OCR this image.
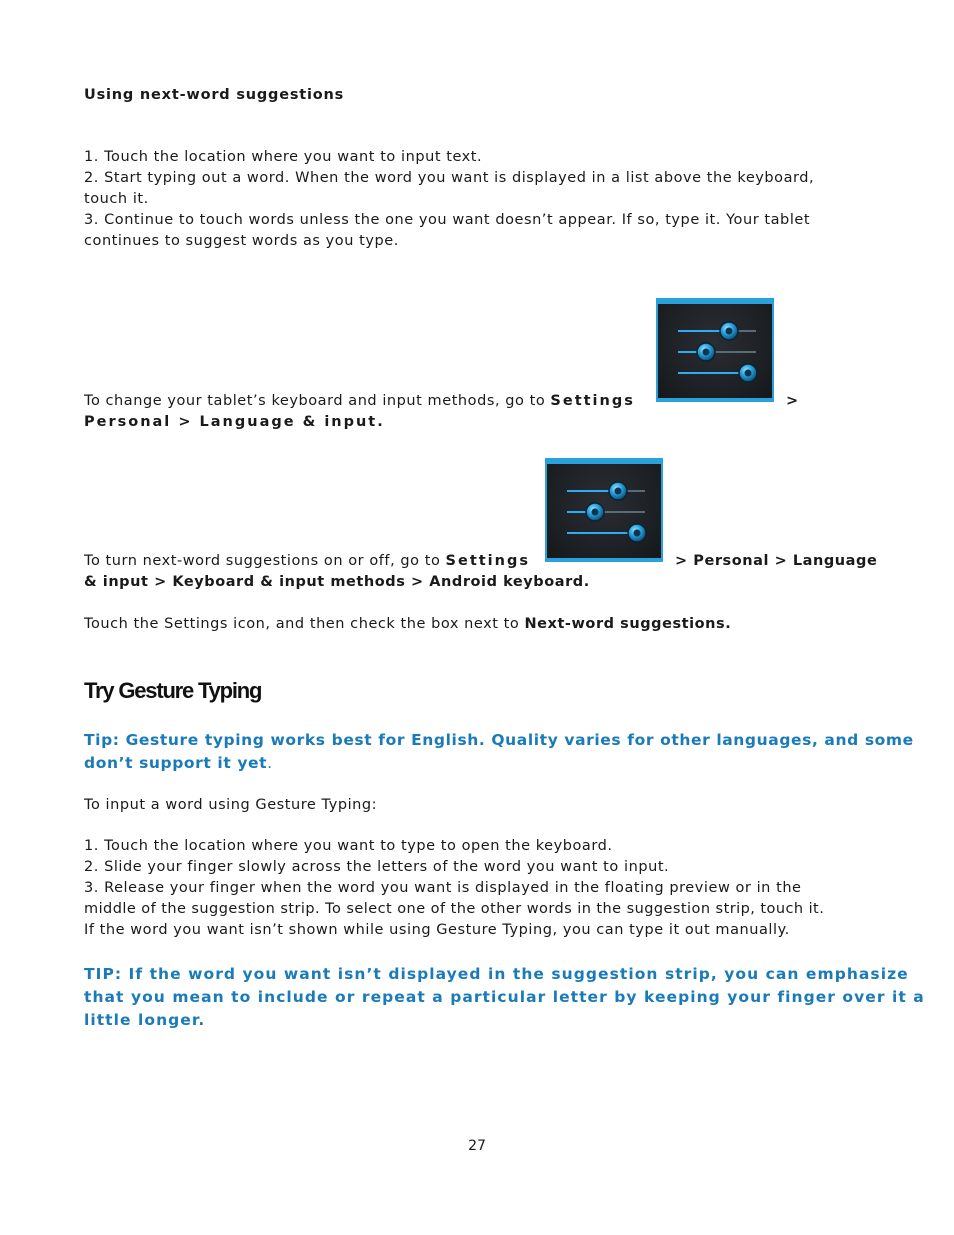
Using next-word suggestions
1. Touch the location where you want to input text.
2. Start typing out a word. When the word you want is displayed in a list above the keyboard,
touch it.
3. Continue to touch words unless the one you want doesn’t appear. If so, type it. Your tablet
continues to suggest words as you type.
To change your tablet’s keyboard and input methods, go to Settings	>
Personal > Language & input.
To turn next-word suggestions on or off, go to Settings	> Personal > Language
& input > Keyboard & input methods > Android keyboard.
Touch the Settings icon, and then check the box next to Next-word suggestions.
Try Gesture Typing
Tip: Gesture typing works best for English. Quality varies for other languages, and some
don’t support it yet.
To input a word using Gesture Typing:
1. Touch the location where you want to type to open the keyboard.
2. Slide your finger slowly across the letters of the word you want to input.
3. Release your finger when the word you want is displayed in the floating preview or in the
middle of the suggestion strip. To select one of the other words in the suggestion strip, touch it.
If the word you want isn’t shown while using Gesture Typing, you can type it out manually.
TIP: If the word you want isn’t displayed in the suggestion strip, you can emphasize
that you mean to include or repeat a particular letter by keeping your finger over it a
little longer.
27
